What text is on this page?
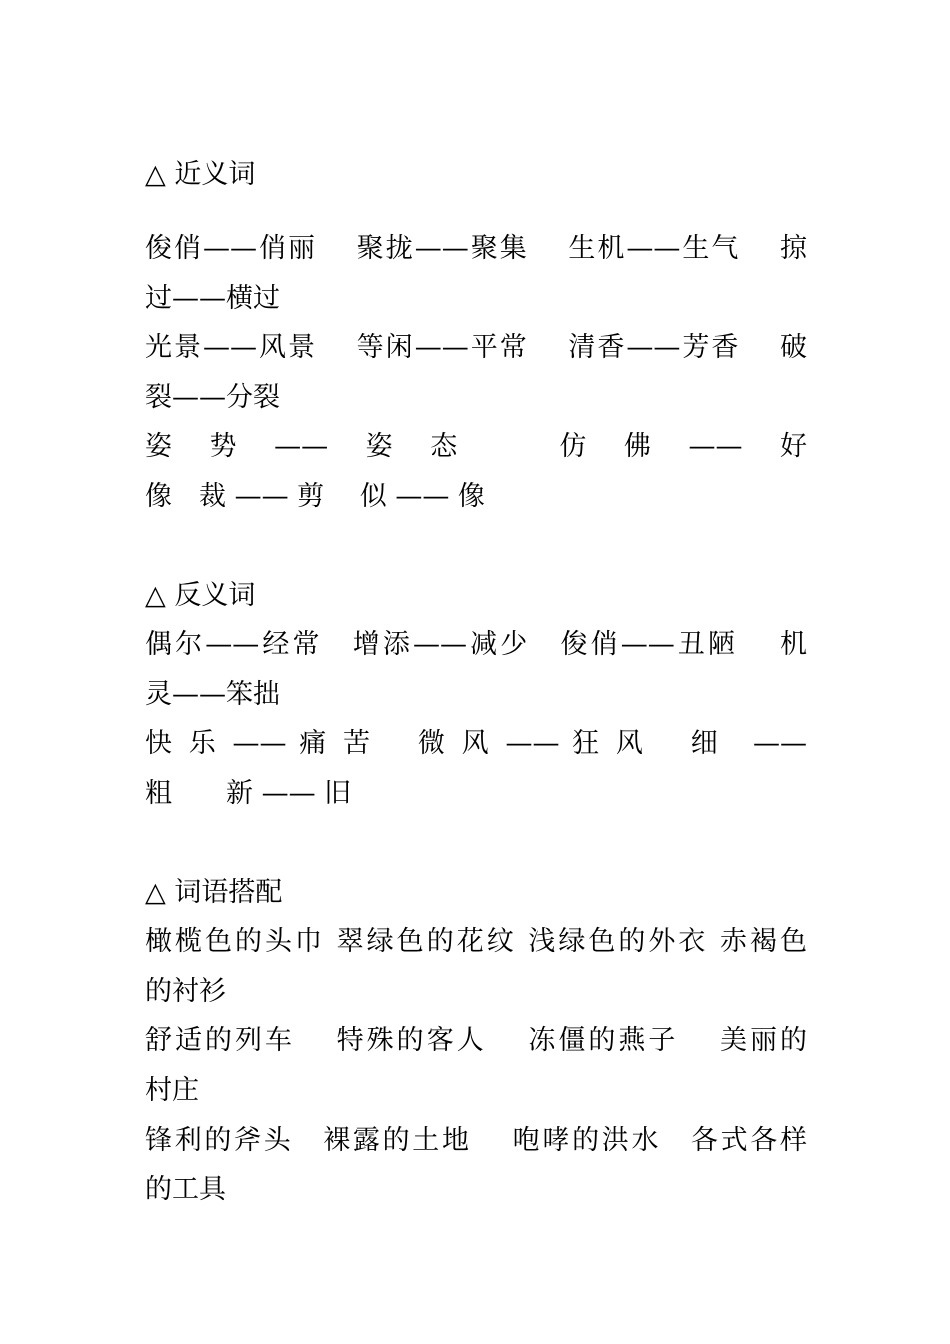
△ 近义词
俊俏——俏丽　 聚拢——聚集　 生机——生气　 掠
过——横过
光景——风景　 等闲——平常　 清香——芳香　 破
裂——分裂
姿　势　——　姿　态　　　仿　佛　——　好
像　裁 —— 剪　 似 —— 像
△ 反义词
偶尔——经常　增添——减少　俊俏——丑陋　 机
灵——笨拙
快 乐 —— 痛 苦　 微 风 —— 狂 风　 细　——
粗　　新 —— 旧
△ 词语搭配
橄榄色的头巾 翠绿色的花纹 浅绿色的外衣 赤褐色
的衬衫
舒适的列车　 特殊的客人　 冻僵的燕子　 美丽的
村庄
锋利的斧头　裸露的土地　 咆哮的洪水　各式各样
的工具
